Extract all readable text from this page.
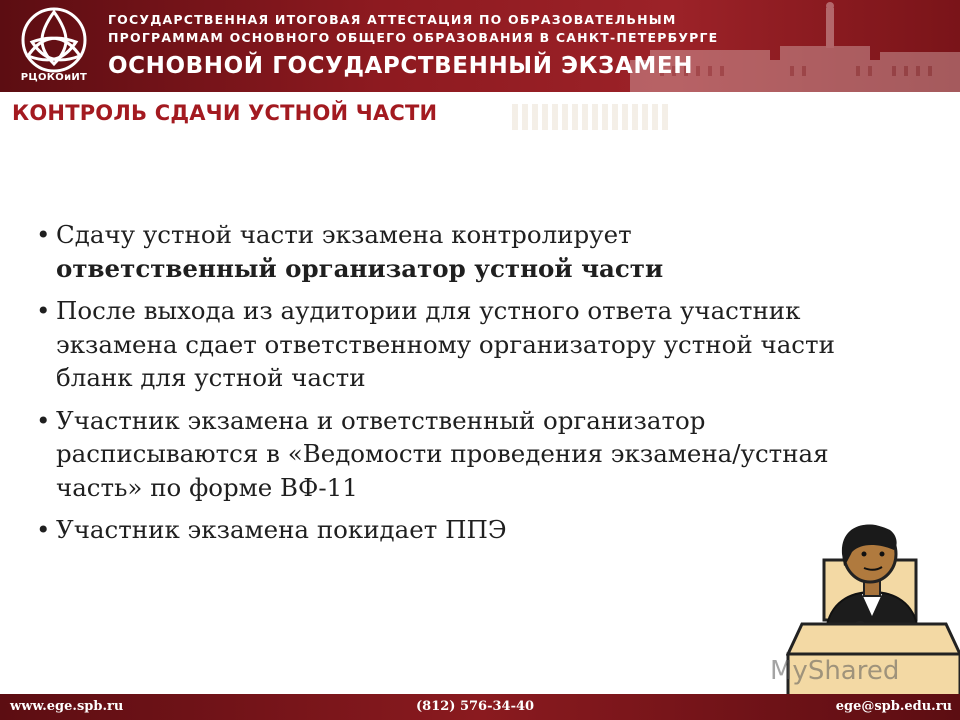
РЦОКОиИТ
ГОСУДАРСТВЕННАЯ ИТОГОВАЯ АТТЕСТАЦИЯ ПО ОБРАЗОВАТЕЛЬНЫМ
ПРОГРАММАМ ОСНОВНОГО ОБЩЕГО ОБРАЗОВАНИЯ В САНКТ-ПЕТЕРБУРГЕ
ОСНОВНОЙ ГОСУДАРСТВЕННЫЙ ЭКЗАМЕН
КОНТРОЛЬ СДАЧИ УСТНОЙ ЧАСТИ
• Сдачу устной части экзамена контролирует
ответственный организатор устной части
• После выхода из аудитории для устного ответа участник экзамена сдает ответственному организатору устной части бланк для устной части
• Участник экзамена и ответственный организатор расписываются в «Ведомости проведения экзамена/устная часть» по форме ВФ-11
• Участник экзамена покидает ППЭ
MyShared
www.ege.spb.ru	(812) 576-34-40	ege@spb.edu.ru
